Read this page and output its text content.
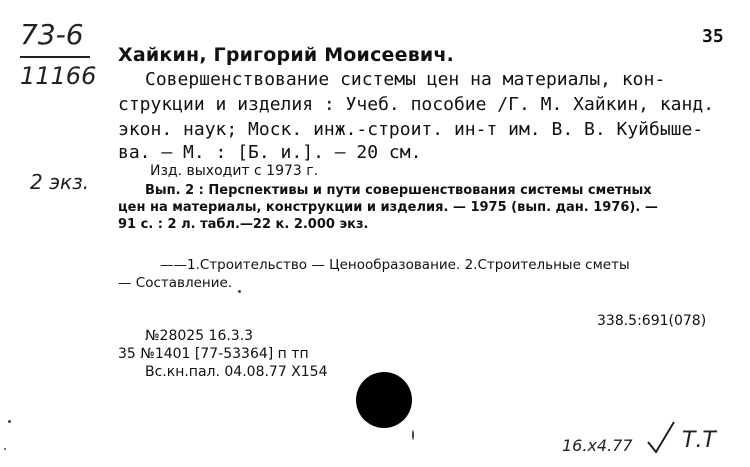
73-6
11166
2 экз.
35
Хайкин, Григорий Моисеевич.
Совершенствование системы цен на материалы, кон-
струкции и изделия : Учеб. пособие /Г. М. Хайкин, канд.
экон. наук; Моск. инж.-строит. ин-т им. В. В. Куйбыше-
ва. — М. : [Б. и.]. — 20 см.
Изд. выходит с 1973 г.
Вып. 2 : Перспективы и пути совершенствования системы сметных
цен на материалы, конструкции и изделия. — 1975 (вып. дан. 1976). —
91 с. : 2 л. табл.—22 к. 2.000 экз.
——1.Строительство — Ценообразование. 2.Строительные сметы
— Составление.
338.5:691(078)
№28025 16.3.3
35 №1401 [77-53364] п тп
Вс.кн.пал. 04.08.77 Х154
16.х4.77 Т.Т
